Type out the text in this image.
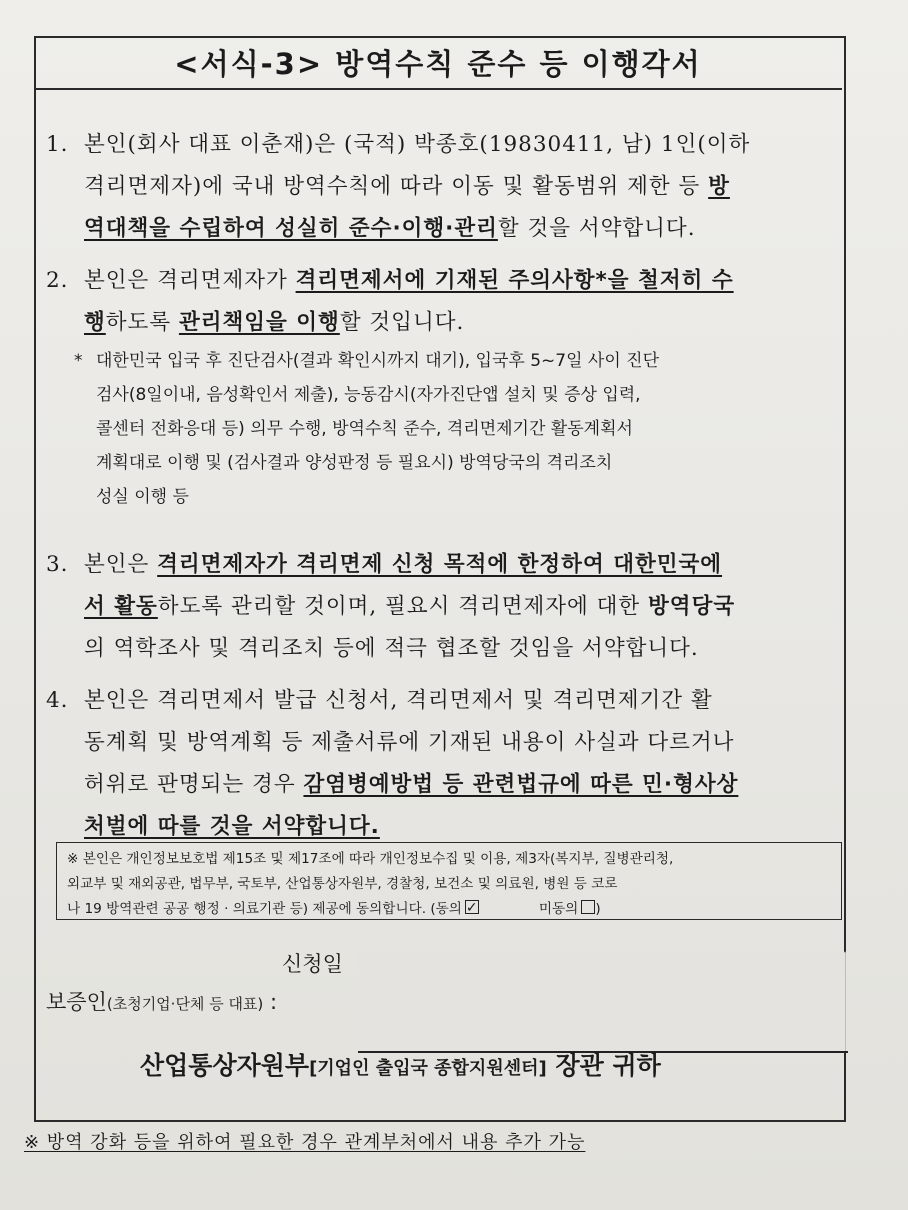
<서식-3> 방역수칙 준수 등 이행각서
1. 본인(회사 대표 이춘재)은 (국적) 박종호(19830411, 남) 1인(이하
격리면제자)에 국내 방역수칙에 따라 이동 및 활동범위 제한 등 방
역대책을 수립하여 성실히 준수·이행·관리할 것을 서약합니다.
2. 본인은 격리면제자가 격리면제서에 기재된 주의사항*을 철저히 수
행하도록 관리책임을 이행할 것입니다.
* 대한민국 입국 후 진단검사(결과 확인시까지 대기), 입국후 5~7일 사이 진단
검사(8일이내, 음성확인서 제출), 능동감시(자가진단앱 설치 및 증상 입력,
콜센터 전화응대 등) 의무 수행, 방역수칙 준수, 격리면제기간 활동계획서
계획대로 이행 및 (검사결과 양성판정 등 필요시) 방역당국의 격리조치
성실 이행 등
3. 본인은 격리면제자가 격리면제 신청 목적에 한정하여 대한민국에
서 활동하도록 관리할 것이며, 필요시 격리면제자에 대한 방역당국
의 역학조사 및 격리조치 등에 적극 협조할 것임을 서약합니다.
4. 본인은 격리면제서 발급 신청서, 격리면제서 및 격리면제기간 활
동계획 및 방역계획 등 제출서류에 기재된 내용이 사실과 다르거나
허위로 판명되는 경우 감염병예방법 등 관련법규에 따른 민·형사상
처벌에 따를 것을 서약합니다.
※ 본인은 개인정보보호법 제15조 및 제17조에 따라 개인정보수집 및 이용, 제3자(복지부, 질병관리청,
외교부 및 재외공관, 법무부, 국토부, 산업통상자원부, 경찰청, 보건소 및 의료원, 병원 등 코로
나 19 방역관련 공공 행정 · 의료기관 등) 제공에 동의합니다. (동의✓	미동의 )
신청일
보증인(초청기업·단체 등 대표) :
산업통상자원부[기업인 출입국 종합지원센터] 장관 귀하
※ 방역 강화 등을 위하여 필요한 경우 관계부처에서 내용 추가 가능
